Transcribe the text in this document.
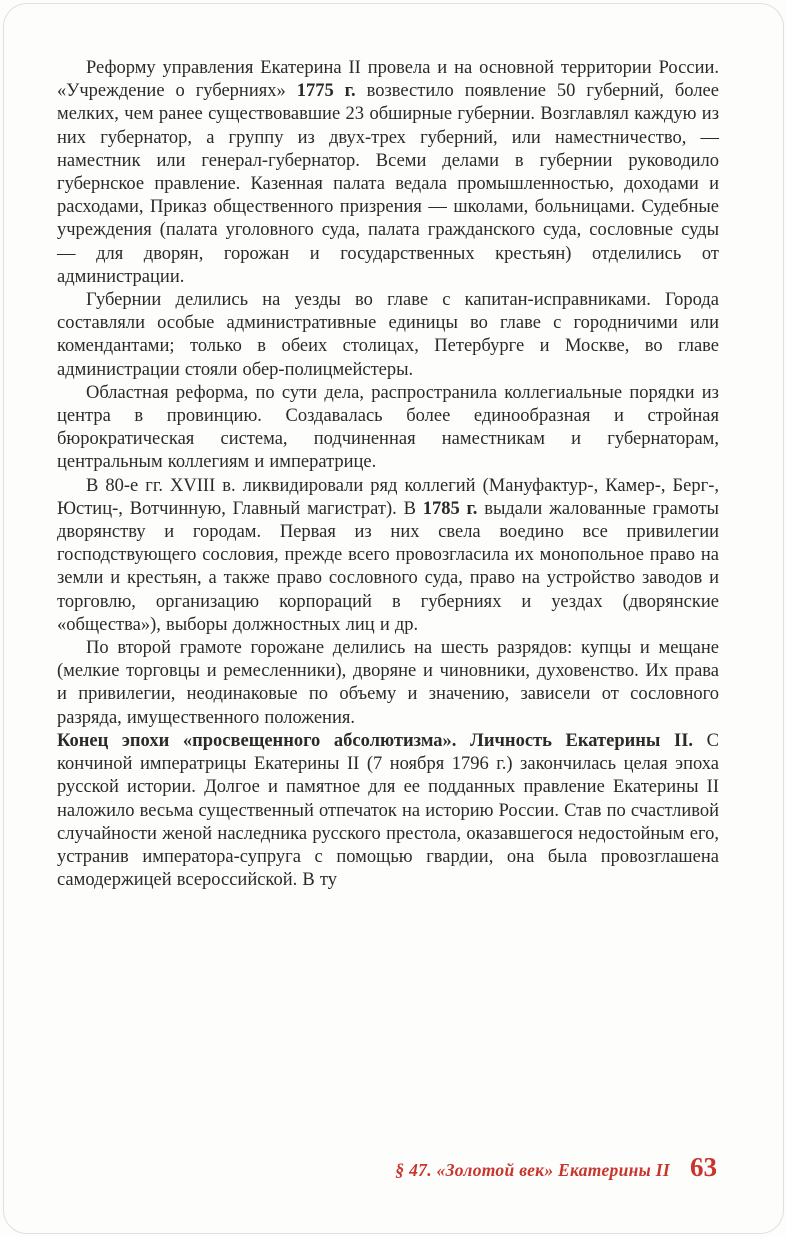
Реформу управления Екатерина II провела и на основной территории России. «Учреждение о губерниях» 1775 г. возвестило появление 50 губерний, более мелких, чем ранее существовавшие 23 обширные губернии. Возглавлял каждую из них губернатор, а группу из двух-трех губерний, или наместничество, — наместник или генерал-губернатор. Всеми делами в губернии руководило губернское правление. Казенная палата ведала промышленностью, доходами и расходами, Приказ общественного призрения — школами, больницами. Судебные учреждения (палата уголовного суда, палата гражданского суда, сословные суды — для дворян, горожан и государственных крестьян) отделились от администрации.

Губернии делились на уезды во главе с капитан-исправниками. Города составляли особые административные единицы во главе с городничими или комендантами; только в обеих столицах, Петербурге и Москве, во главе администрации стояли обер-полицмейстеры.

Областная реформа, по сути дела, распространила коллегиальные порядки из центра в провинцию. Создавалась более единообразная и стройная бюрократическая система, подчиненная наместникам и губернаторам, центральным коллегиям и императрице.

В 80-е гг. XVIII в. ликвидировали ряд коллегий (Мануфактур-, Камер-, Берг-, Юстиц-, Вотчинную, Главный магистрат). В 1785 г. выдали жалованные грамоты дворянству и городам. Первая из них свела воедино все привилегии господствующего сословия, прежде всего провозгласила их монопольное право на земли и крестьян, а также право сословного суда, право на устройство заводов и торговлю, организацию корпораций в губерниях и уездах (дворянские «общества»), выборы должностных лиц и др.

По второй грамоте горожане делились на шесть разрядов: купцы и мещане (мелкие торговцы и ремесленники), дворяне и чиновники, духовенство. Их права и привилегии, неодинаковые по объему и значению, зависели от сословного разряда, имущественного положения.

Конец эпохи «просвещенного абсолютизма». Личность Екатерины II. С кончиной императрицы Екатерины II (7 ноября 1796 г.) закончилась целая эпоха русской истории. Долгое и памятное для ее подданных правление Екатерины II наложило весьма существенный отпечаток на историю России. Став по счастливой случайности женой наследника русского престола, оказавшегося недостойным его, устранив императора-супруга с помощью гвардии, она была провозглашена самодержицей всероссийской. В ту

§ 47. «Золотой век» Екатерины II 63
